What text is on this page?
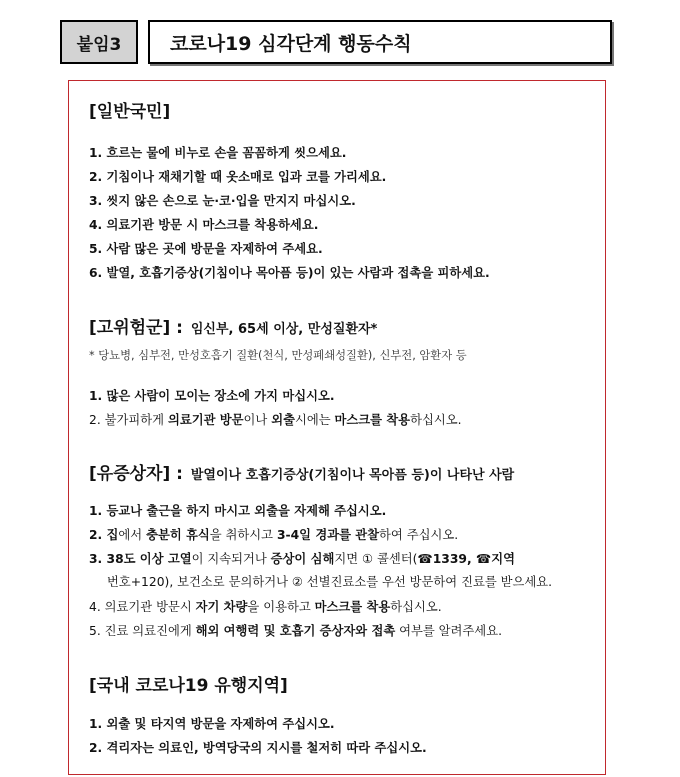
붙임3	코로나19 심각단계 행동수칙
[일반국민]
1. 흐르는 물에 비누로 손을 꼼꼼하게 씻으세요.
2. 기침이나 재채기할 때 옷소매로 입과 코를 가리세요.
3. 씻지 않은 손으로 눈·코·입을 만지지 마십시오.
4. 의료기관 방문 시 마스크를 착용하세요.
5. 사람 많은 곳에 방문을 자제하여 주세요.
6. 발열, 호흡기증상(기침이나 목아픔 등)이 있는 사람과 접촉을 피하세요.
[고위험군] : 임신부, 65세 이상, 만성질환자*
* 당뇨병, 심부전, 만성호흡기 질환(천식, 만성폐쇄성질환), 신부전, 암환자 등
1. 많은 사람이 모이는 장소에 가지 마십시오.
2. 불가피하게 의료기관 방문이나 외출시에는 마스크를 착용하십시오.
[유증상자] : 발열이나 호흡기증상(기침이나 목아픔 등)이 나타난 사람
1. 등교나 출근을 하지 마시고 외출을 자제해 주십시오.
2. 집에서 충분히 휴식을 취하시고 3-4일 경과를 관찰하여 주십시오.
3. 38도 이상 고열이 지속되거나 증상이 심해지면 ① 콜센터(☎1339, ☎지역
번호+120), 보건소로 문의하거나 ② 선별진료소를 우선 방문하여 진료를 받으세요.
4. 의료기관 방문시 자기 차량을 이용하고 마스크를 착용하십시오.
5. 진료 의료진에게 해외 여행력 및 호흡기 증상자와 접촉 여부를 알려주세요.
[국내 코로나19 유행지역]
1. 외출 및 타지역 방문을 자제하여 주십시오.
2. 격리자는 의료인, 방역당국의 지시를 철저히 따라 주십시오.
